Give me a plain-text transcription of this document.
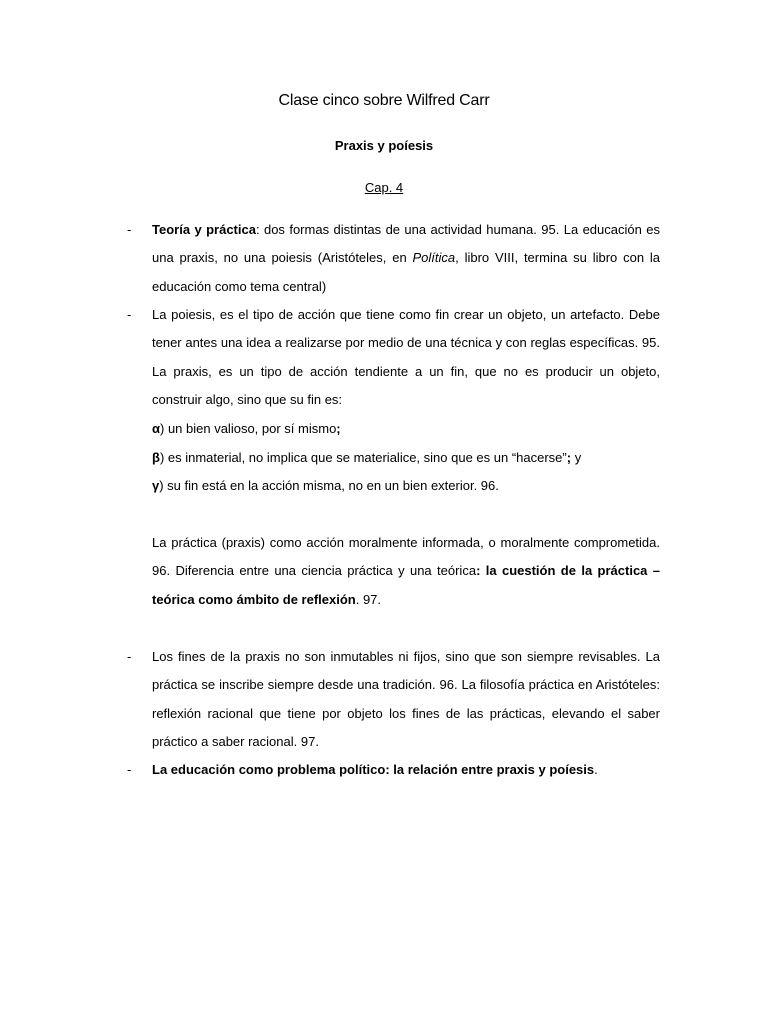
Clase cinco sobre Wilfred Carr
Praxis y poíesis
Cap. 4
- Teoría y práctica: dos formas distintas de una actividad humana. 95. La educación es una praxis, no una poiesis (Aristóteles, en Política, libro VIII, termina su libro con la educación como tema central)
- La poiesis, es el tipo de acción que tiene como fin crear un objeto, un artefacto. Debe tener antes una idea a realizarse por medio de una técnica y con reglas específicas. 95. La praxis, es un tipo de acción tendiente a un fin, que no es producir un objeto, construir algo, sino que su fin es:
α) un bien valioso, por sí mismo;
β) es inmaterial, no implica que se materialice, sino que es un “hacerse”; y
γ) su fin está en la acción misma, no en un bien exterior. 96.
La práctica (praxis) como acción moralmente informada, o moralmente comprometida. 96. Diferencia entre una ciencia práctica y una teórica: la cuestión de la práctica – teórica como ámbito de reflexión. 97.
- Los fines de la praxis no son inmutables ni fijos, sino que son siempre revisables. La práctica se inscribe siempre desde una tradición. 96. La filosofía práctica en Aristóteles: reflexión racional que tiene por objeto los fines de las prácticas, elevando el saber práctico a saber racional. 97.
- La educación como problema político: la relación entre praxis y poíesis.
